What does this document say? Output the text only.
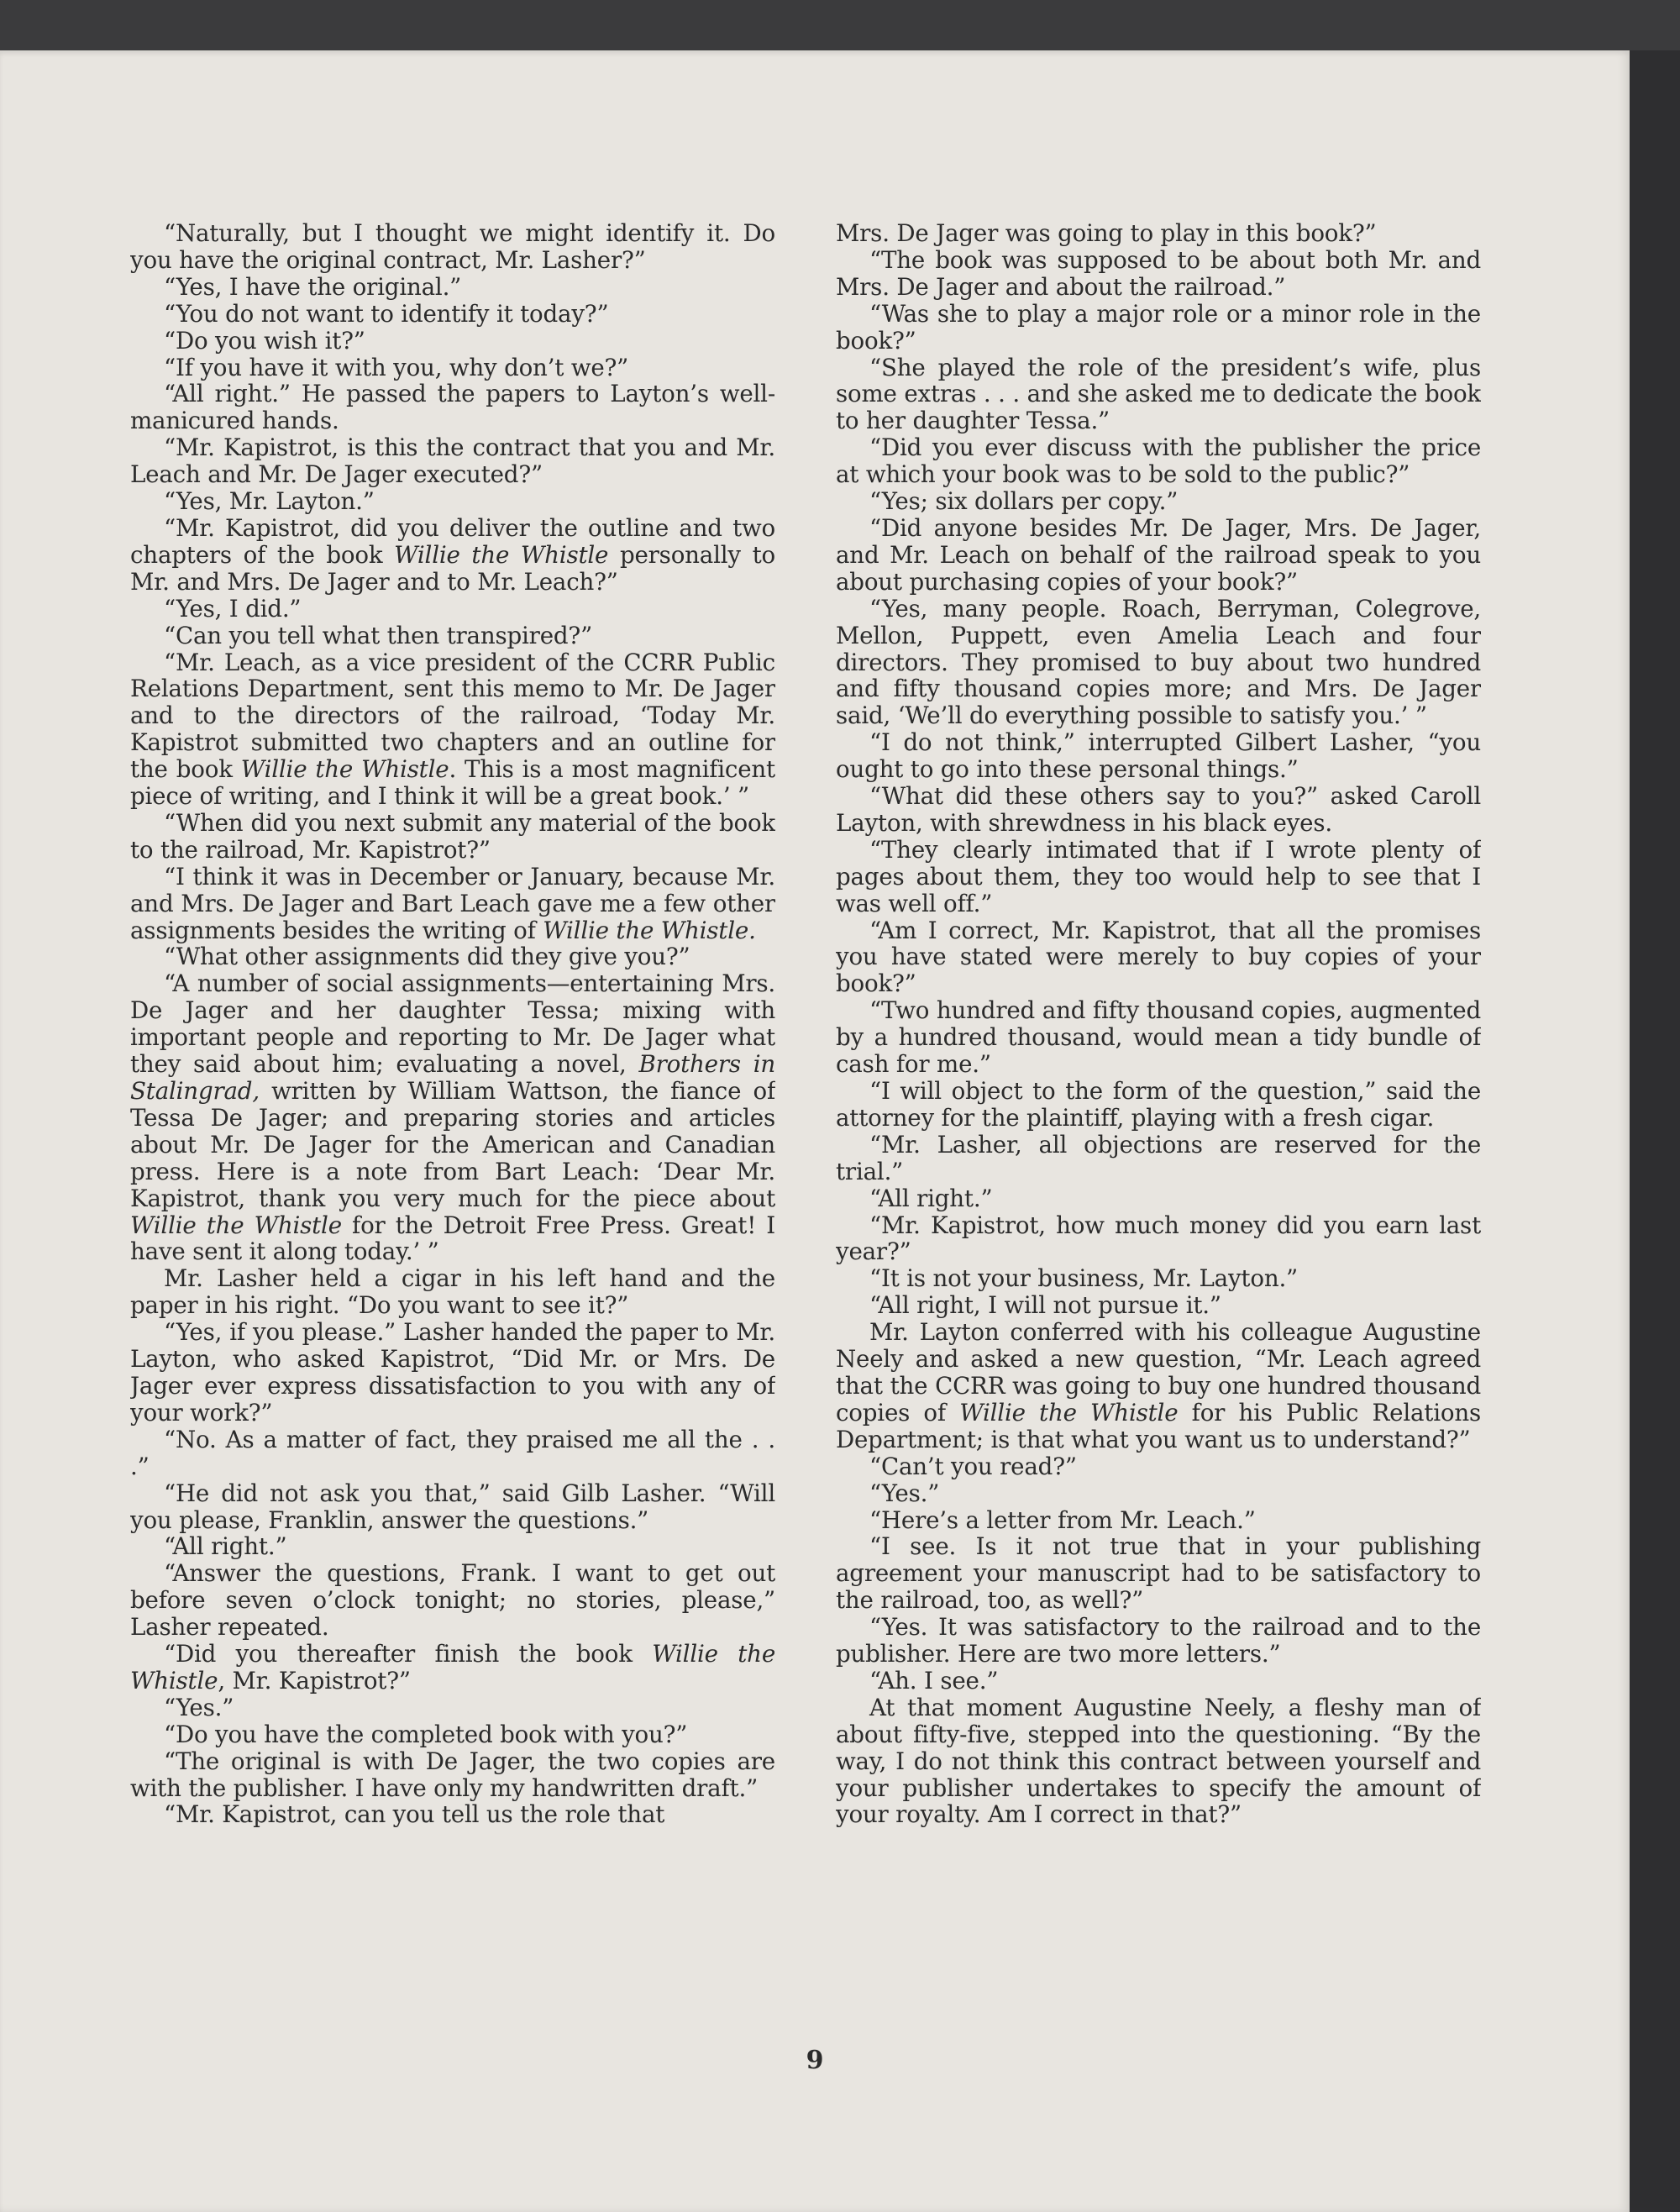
“Naturally, but I thought we might identify it. Do you have the original contract, Mr. Lasher?”

“Yes, I have the original.”

“You do not want to identify it today?”

“Do you wish it?”

“If you have it with you, why don’t we?”

“All right.” He passed the papers to Layton’s well-manicured hands.

“Mr. Kapistrot, is this the contract that you and Mr. Leach and Mr. De Jager executed?”

“Yes, Mr. Layton.”

“Mr. Kapistrot, did you deliver the outline and two chapters of the book Willie the Whistle personally to Mr. and Mrs. De Jager and to Mr. Leach?”

“Yes, I did.”

“Can you tell what then transpired?”

“Mr. Leach, as a vice president of the CCRR Public Relations Department, sent this memo to Mr. De Jager and to the directors of the railroad, ‘Today Mr. Kapistrot submitted two chapters and an outline for the book Willie the Whistle. This is a most magnificent piece of writing, and I think it will be a great book.’ ”

“When did you next submit any material of the book to the railroad, Mr. Kapistrot?”

“I think it was in December or January, because Mr. and Mrs. De Jager and Bart Leach gave me a few other assignments besides the writing of Willie the Whistle.

“What other assignments did they give you?”

“A number of social assignments—entertaining Mrs. De Jager and her daughter Tessa; mixing with important people and reporting to Mr. De Jager what they said about him; evaluating a novel, Brothers in Stalingrad, written by William Wattson, the fiance of Tessa De Jager; and preparing stories and articles about Mr. De Jager for the American and Canadian press. Here is a note from Bart Leach: ‘Dear Mr. Kapistrot, thank you very much for the piece about Willie the Whistle for the Detroit Free Press. Great! I have sent it along today.’ ”

Mr. Lasher held a cigar in his left hand and the paper in his right. “Do you want to see it?”

“Yes, if you please.” Lasher handed the paper to Mr. Layton, who asked Kapistrot, “Did Mr. or Mrs. De Jager ever express dissatisfaction to you with any of your work?”

“No. As a matter of fact, they praised me all the . . .”

“He did not ask you that,” said Gilb Lasher. “Will you please, Franklin, answer the questions.”

“All right.”

“Answer the questions, Frank. I want to get out before seven o’clock tonight; no stories, please,” Lasher repeated.

“Did you thereafter finish the book Willie the Whistle, Mr. Kapistrot?”

“Yes.”

“Do you have the completed book with you?”

“The original is with De Jager, the two copies are with the publisher. I have only my handwritten draft.”

“Mr. Kapistrot, can you tell us the role that

Mrs. De Jager was going to play in this book?”

“The book was supposed to be about both Mr. and Mrs. De Jager and about the railroad.”

“Was she to play a major role or a minor role in the book?”

“She played the role of the president’s wife, plus some extras . . . and she asked me to dedicate the book to her daughter Tessa.”

“Did you ever discuss with the publisher the price at which your book was to be sold to the public?”

“Yes; six dollars per copy.”

“Did anyone besides Mr. De Jager, Mrs. De Jager, and Mr. Leach on behalf of the railroad speak to you about purchasing copies of your book?”

“Yes, many people. Roach, Berryman, Colegrove, Mellon, Puppett, even Amelia Leach and four directors. They promised to buy about two hundred and fifty thousand copies more; and Mrs. De Jager said, ‘We’ll do everything possible to satisfy you.’ ”

“I do not think,” interrupted Gilbert Lasher, “you ought to go into these personal things.”

“What did these others say to you?” asked Caroll Layton, with shrewdness in his black eyes.

“They clearly intimated that if I wrote plenty of pages about them, they too would help to see that I was well off.”

“Am I correct, Mr. Kapistrot, that all the promises you have stated were merely to buy copies of your book?”

“Two hundred and fifty thousand copies, augmented by a hundred thousand, would mean a tidy bundle of cash for me.”

“I will object to the form of the question,” said the attorney for the plaintiff, playing with a fresh cigar.

“Mr. Lasher, all objections are reserved for the trial.”

“All right.”

“Mr. Kapistrot, how much money did you earn last year?”

“It is not your business, Mr. Layton.”

“All right, I will not pursue it.”

Mr. Layton conferred with his colleague Augustine Neely and asked a new question, “Mr. Leach agreed that the CCRR was going to buy one hundred thousand copies of Willie the Whistle for his Public Relations Department; is that what you want us to understand?”

“Can’t you read?”

“Yes.”

“Here’s a letter from Mr. Leach.”

“I see. Is it not true that in your publishing agreement your manuscript had to be satisfactory to the railroad, too, as well?”

“Yes. It was satisfactory to the railroad and to the publisher. Here are two more letters.”

“Ah. I see.”

At that moment Augustine Neely, a fleshy man of about fifty-five, stepped into the questioning. “By the way, I do not think this contract between yourself and your publisher undertakes to specify the amount of your royalty. Am I correct in that?”

9
